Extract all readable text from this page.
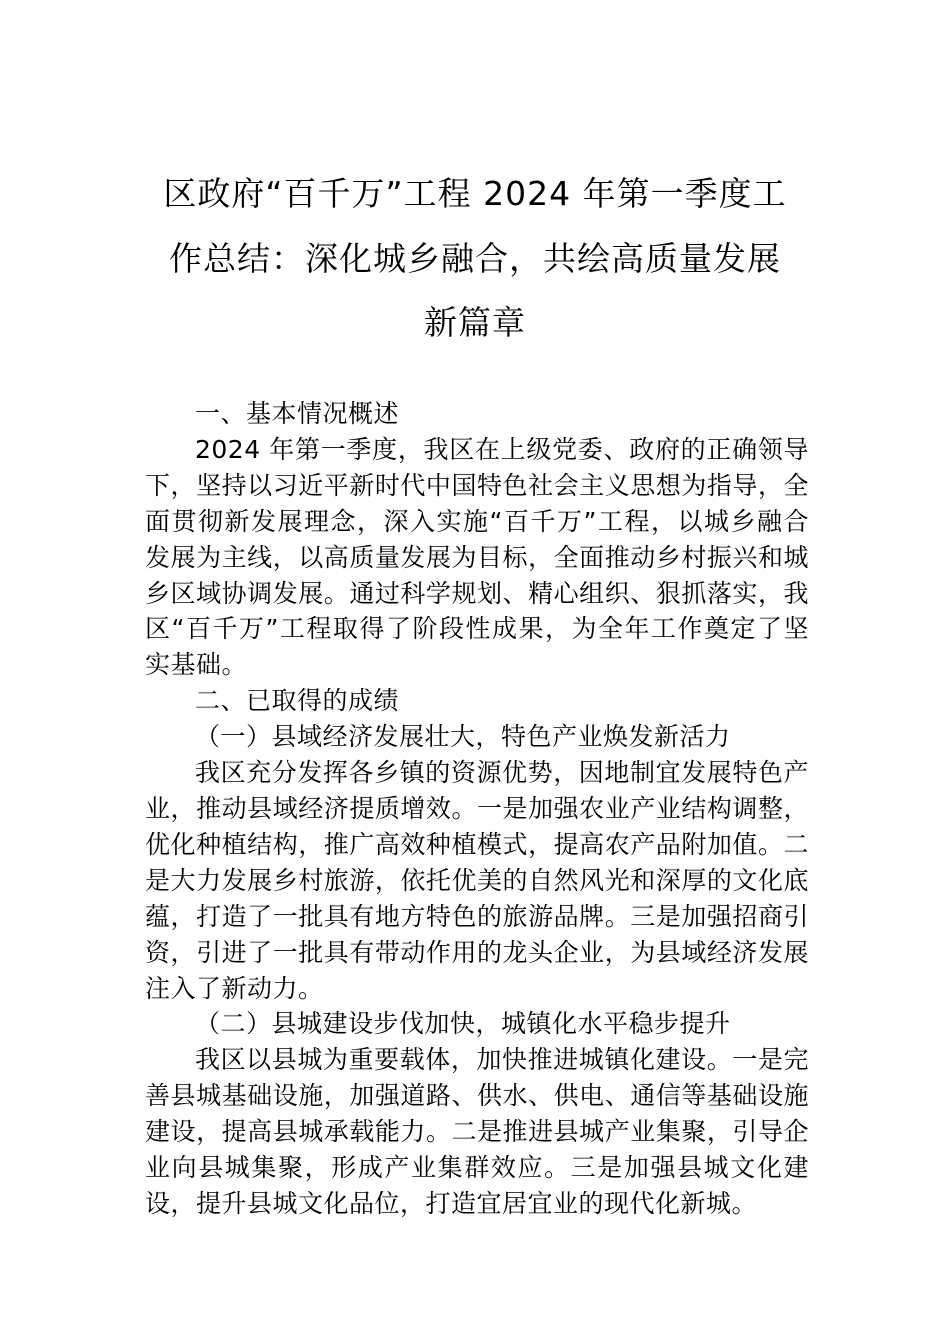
区政府“百千万”工程 2024 年第一季度工
作总结：深化城乡融合，共绘高质量发展
新篇章

一、基本情况概述

2024 年第一季度，我区在上级党委、政府的正确领导下，坚持以习近平新时代中国特色社会主义思想为指导，全面贯彻新发展理念，深入实施“百千万”工程，以城乡融合发展为主线，以高质量发展为目标，全面推动乡村振兴和城乡区域协调发展。通过科学规划、精心组织、狠抓落实，我区“百千万”工程取得了阶段性成果，为全年工作奠定了坚实基础。

二、已取得的成绩

（一）县域经济发展壮大，特色产业焕发新活力

我区充分发挥各乡镇的资源优势，因地制宜发展特色产业，推动县域经济提质增效。一是加强农业产业结构调整，优化种植结构，推广高效种植模式，提高农产品附加值。二是大力发展乡村旅游，依托优美的自然风光和深厚的文化底蕴，打造了一批具有地方特色的旅游品牌。三是加强招商引资，引进了一批具有带动作用的龙头企业，为县域经济发展注入了新动力。

（二）县城建设步伐加快，城镇化水平稳步提升

我区以县城为重要载体，加快推进城镇化建设。一是完善县城基础设施，加强道路、供水、供电、通信等基础设施建设，提高县城承载能力。二是推进县城产业集聚，引导企业向县城集聚，形成产业集群效应。三是加强县城文化建设，提升县城文化品位，打造宜居宜业的现代化新城。
